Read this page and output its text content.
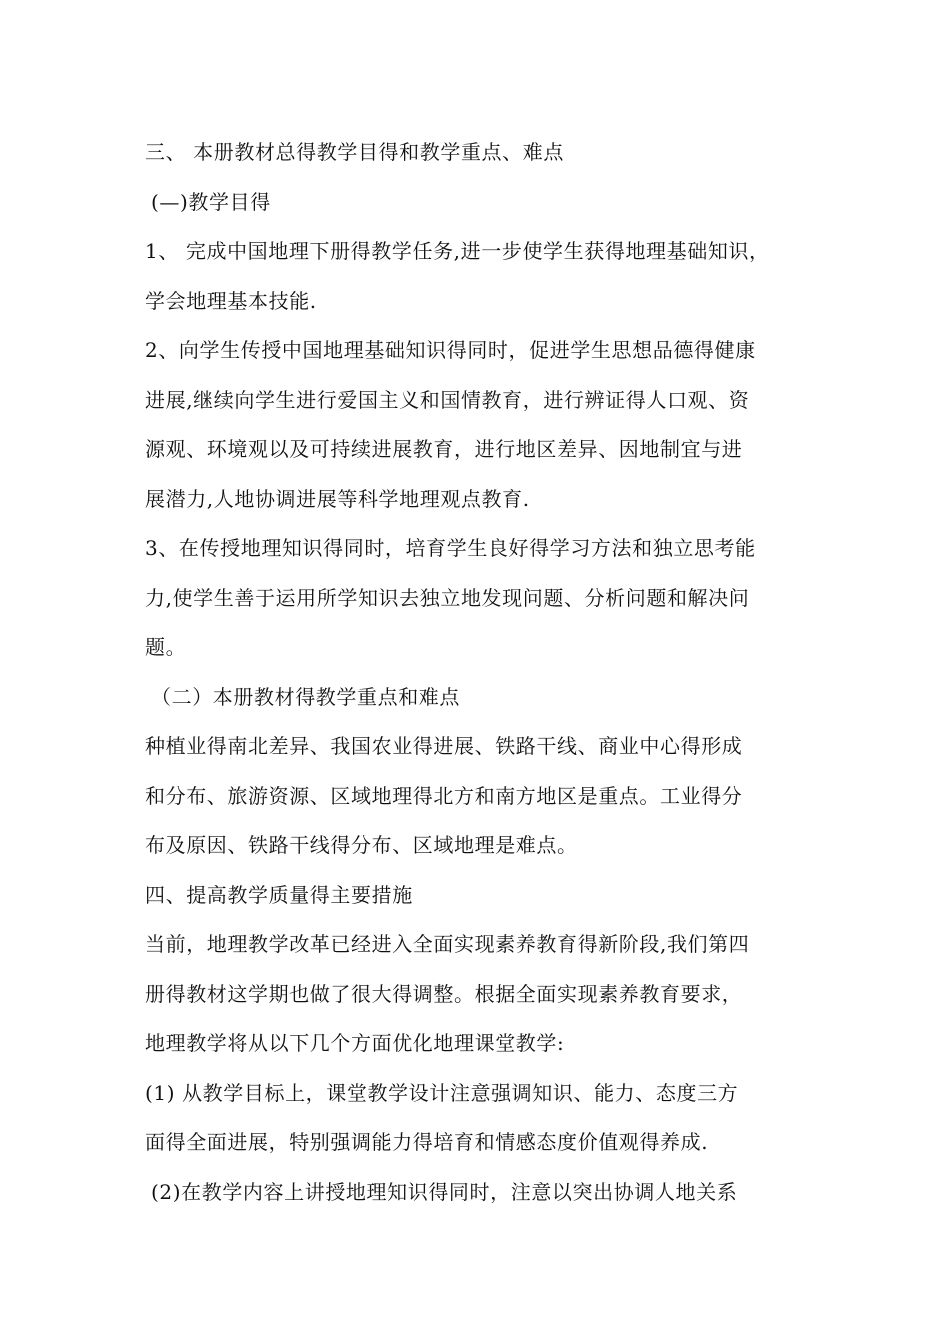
三、 本册教材总得教学目得和教学重点、难点
(—)教学目得
1、 完成中国地理下册得教学任务,进一步使学生获得地理基础知识，
学会地理基本技能.
2、向学生传授中国地理基础知识得同时，促进学生思想品德得健康
进展,继续向学生进行爱国主义和国情教育，进行辨证得人口观、资
源观、环境观以及可持续进展教育，进行地区差异、因地制宜与进
展潜力,人地协调进展等科学地理观点教育.
3、在传授地理知识得同时，培育学生良好得学习方法和独立思考能
力,使学生善于运用所学知识去独立地发现问题、分析问题和解决问
题。
（二）本册教材得教学重点和难点
种植业得南北差异、我国农业得进展、铁路干线、商业中心得形成
和分布、旅游资源、区域地理得北方和南方地区是重点。工业得分
布及原因、铁路干线得分布、区域地理是难点。
四、提高教学质量得主要措施
当前，地理教学改革已经进入全面实现素养教育得新阶段,我们第四
册得教材这学期也做了很大得调整。根据全面实现素养教育要求，
地理教学将从以下几个方面优化地理课堂教学:
(1) 从教学目标上，课堂教学设计注意强调知识、能力、态度三方
面得全面进展，特别强调能力得培育和情感态度价值观得养成.
(2)在教学内容上讲授地理知识得同时，注意以突出协调人地关系
